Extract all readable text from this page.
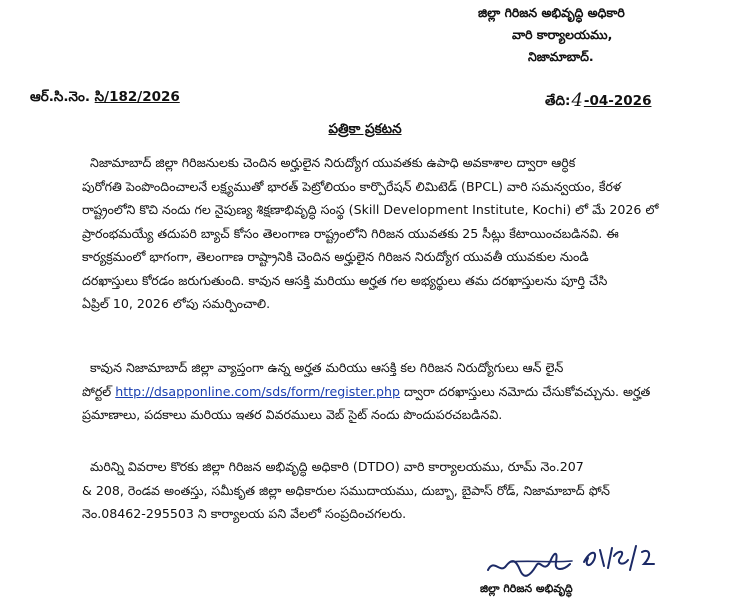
జిల్లా గిరిజన అభివృద్ధి అధికారి
వారి కార్యాలయము,
నిజామాబాద్.
ఆర్.సి.నెం. సి/182/2026	తేది:4-04-2026
పత్రికా ప్రకటన
నిజామాబాద్ జిల్లా గిరిజనులకు చెందిన అర్హులైన నిరుద్యోగ యువతకు ఉపాధి అవకాశాల ద్వారా ఆర్ధిక
పురోగతి పెంపొందించాలనే లక్ష్యముతో భారత్ పెట్రోలియం కార్పొరేషన్ లిమిటెడ్ (BPCL) వారి సమన్వయం, కేరళ
రాష్ట్రంలోని కొచి నందు గల నైపుణ్య శిక్షణాభివృద్ధి సంస్థ (Skill Development Institute, Kochi) లో మే 2026 లో
ప్రారంభమయ్యే తదుపరి బ్యాచ్ కోసం తెలంగాణ రాష్ట్రంలోని గిరిజన యువతకు 25 సీట్లు కేటాయించబడినవి. ఈ
కార్యక్రమంలో భాగంగా, తెలంగాణ రాష్ట్రానికి చెందిన అర్హులైన గిరిజన నిరుద్యోగ యువతీ యువకుల నుండి
దరఖాస్తులు కోరడం జరుగుతుంది. కావున ఆసక్తి మరియు అర్హత గల అభ్యర్థులు తమ దరఖాస్తులను పూర్తి చేసి
ఏప్రిల్ 10, 2026 లోపు సమర్పించాలి.
కావున నిజామాబాద్ జిల్లా వ్యాప్తంగా ఉన్న అర్హత మరియు ఆసక్తి కల గిరిజన నిరుద్యోగులు ఆన్ లైన్
పోర్టల్ http://dsapponline.com/sds/form/register.php ద్వారా దరఖాస్తులు నమోదు చేసుకోవచ్చును. అర్హత
ప్రమాణాలు, పదకాలు మరియు ఇతర వివరములు వెబ్ సైట్ నందు పొందుపరచబడినవి.
మరిన్ని వివరాల కొరకు జిల్లా గిరిజన అభివృద్ధి అధికారి (DTDO) వారి కార్యాలయము, రూమ్ నెం.207
& 208, రెండవ అంతస్తు, సమీకృత జిల్లా అధికారుల సముదాయము, దుబ్బా, బైపాస్ రోడ్, నిజామాబాద్ ఫోన్
నెం.08462-295503 ని కార్యాలయ పని వేలలో సంప్రదించగలరు.
జిల్లా గిరిజన అభివృద్ధి
